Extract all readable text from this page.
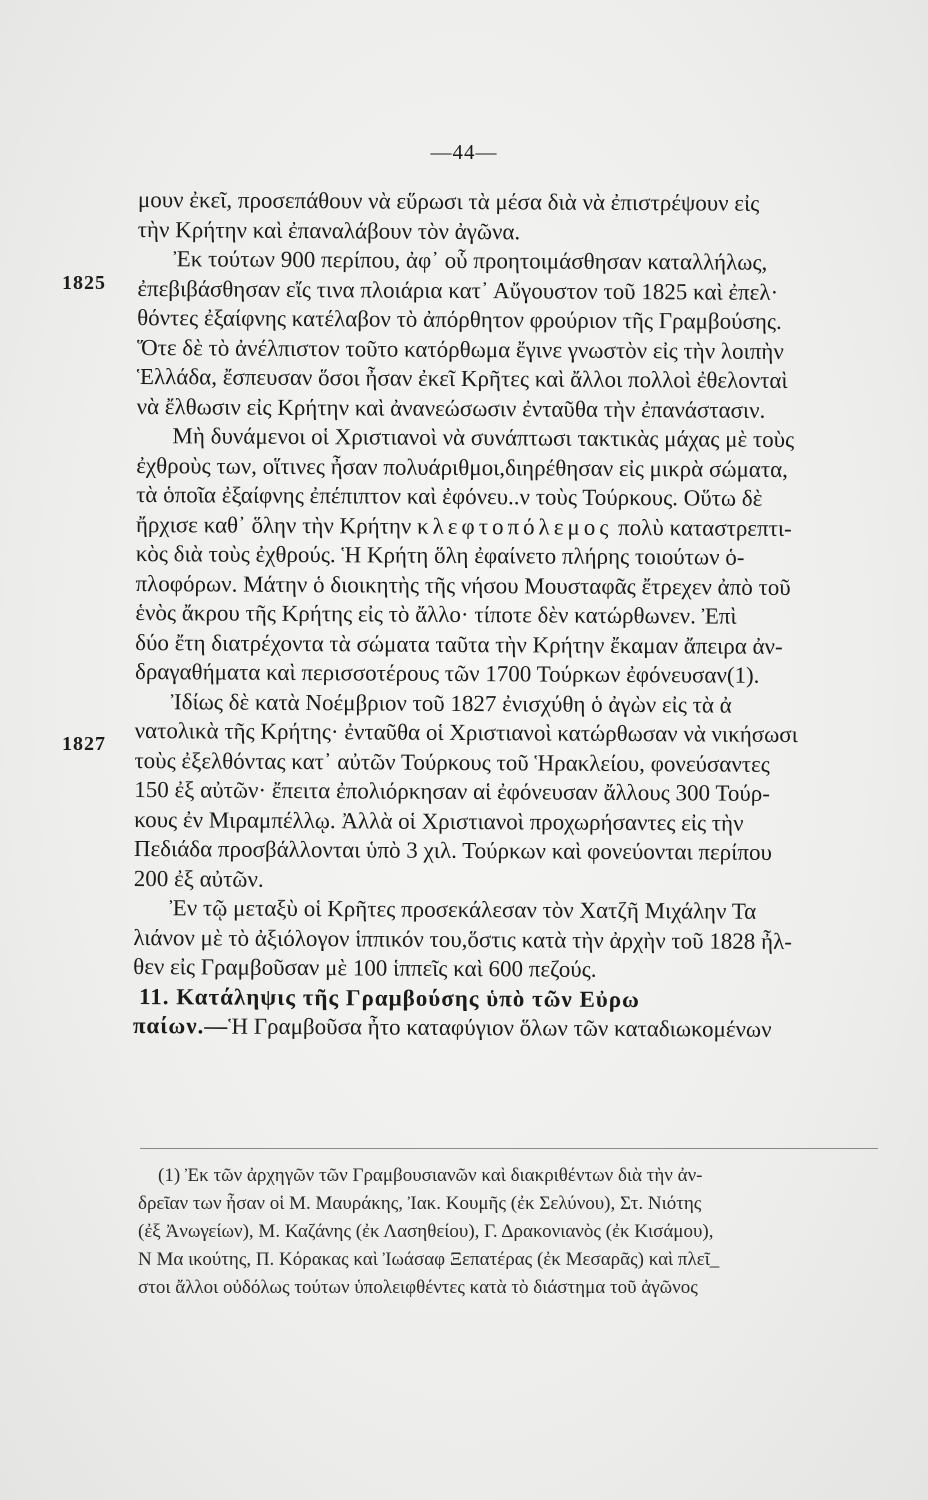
—44—
1825
1827
μουν ἐκεῖ, προσεπάθουν νὰ εὕρωσι τὰ μέσα διὰ νὰ ἐπιστρέψουν εἰς
τὴν Κρήτην καὶ ἐπαναλάβουν τὸν ἀγῶνα.
Ἐκ τούτων 900 περίπου, ἀφ᾽ οὗ προητοιμάσθησαν καταλλήλως,
ἐπεβιβάσθησαν εἴς τινα πλοιάρια κατ᾽ Αὔγουστον τοῦ 1825 καὶ ἐπελ·
θόντες ἐξαίφνης κατέλαβον τὸ ἀπόρθητον φρούριον τῆς Γραμβούσης.
Ὅτε δὲ τὸ ἀνέλπιστον τοῦτο κατόρθωμα ἔγινε γνωστὸν εἰς τὴν λοιπὴν
Ἑλλάδα, ἔσπευσαν ὅσοι ἦσαν ἐκεῖ Κρῆτες καὶ ἄλλοι πολλοὶ ἐθελονταὶ
νὰ ἔλθωσιν εἰς Κρήτην καὶ ἀνανεώσωσιν ἐνταῦθα τὴν ἐπανάστασιν.
Μὴ δυνάμενοι οἱ Χριστιανοὶ νὰ συνάπτωσι τακτικὰς μάχας μὲ τοὺς
ἐχθροὺς των, οἵτινες ἦσαν πολυάριθμοι,διηρέθησαν εἰς μικρὰ σώματα,
τὰ ὁποῖα ἐξαίφνης ἐπέπιπτον καὶ ἐφόνευ..ν τοὺς Τούρκους. Οὕτω δὲ
ἤρχισε καθ᾽ ὅλην τὴν Κρήτην κλεφτοπόλεμος πολὺ καταστρεπτι-
κὸς διὰ τοὺς ἐχθρούς. Ἡ Κρήτη ὅλη ἐφαίνετο πλήρης τοιούτων ὁ-
πλοφόρων. Μάτην ὁ διοικητὴς τῆς νήσου Μουσταφᾶς ἔτρεχεν ἀπὸ τοῦ
ἑνὸς ἄκρου τῆς Κρήτης εἰς τὸ ἄλλο· τίποτε δὲν κατώρθωνεν. Ἐπὶ
δύο ἔτη διατρέχοντα τὰ σώματα ταῦτα τὴν Κρήτην ἔκαμαν ἄπειρα ἀν-
δραγαθήματα καὶ περισσοτέρους τῶν 1700 Τούρκων ἐφόνευσαν(1).
Ἰδίως δὲ κατὰ Νοέμβριον τοῦ 1827 ἐνισχύθη ὁ ἀγὼν εἰς τὰ ἀ
νατολικὰ τῆς Κρήτης· ἐνταῦθα οἱ Χριστιανοὶ κατώρθωσαν νὰ νικήσωσι
τοὺς ἐξελθόντας κατ᾽ αὐτῶν Τούρκους τοῦ Ἡρακλείου, φονεύσαντες
150 ἐξ αὐτῶν· ἔπειτα ἐπολιόρκησαν αἱ ἐφόνευσαν ἄλλους 300 Τούρ-
κους ἐν Μιραμπέλλῳ. Ἀλλὰ οἱ Χριστιανοὶ προχωρήσαντες εἰς τὴν
Πεδιάδα προσβάλλονται ὑπὸ 3 χιλ. Τούρκων καὶ φονεύονται περίπου
200 ἐξ αὐτῶν.
Ἐν τῷ μεταξὺ οἱ Κρῆτες προσεκάλεσαν τὸν Χατζῆ Μιχάλην Τα
λιάνον μὲ τὸ ἀξιόλογον ἱππικόν του,ὅστις κατὰ τὴν ἀρχὴν τοῦ 1828 ἦλ-
θεν εἰς Γραμβοῦσαν μὲ 100 ἱππεῖς καὶ 600 πεζούς.
11. Κατάληψις τῆς Γραμβούσης ὑπὸ τῶν Εὐρω
παίων.—Ἡ Γραμβοῦσα ἦτο καταφύγιον ὅλων τῶν καταδιωκομένων
(1) Ἐκ τῶν ἀρχηγῶν τῶν Γραμβουσιανῶν καὶ διακριθέντων διὰ τὴν ἀν-
δρεῖαν των ἦσαν οἱ Μ. Μαυράκης, Ἰακ. Κουμῆς (ἐκ Σελύνου), Στ. Νιότης
(ἐξ Ἀνωγείων), Μ. Καζάνης (ἐκ Λασηθείου), Γ. Δρακονιανὸς (ἐκ Κισάμου),
Ν Μα ικούτης, Π. Κόρακας καὶ Ἰωάσαφ Ξεπατέρας (ἐκ Μεσαρᾶς) καὶ πλεῖ_
στοι ἄλλοι οὐδόλως τούτων ὑπολειφθέντες κατὰ τὸ διάστημα τοῦ ἀγῶνος
